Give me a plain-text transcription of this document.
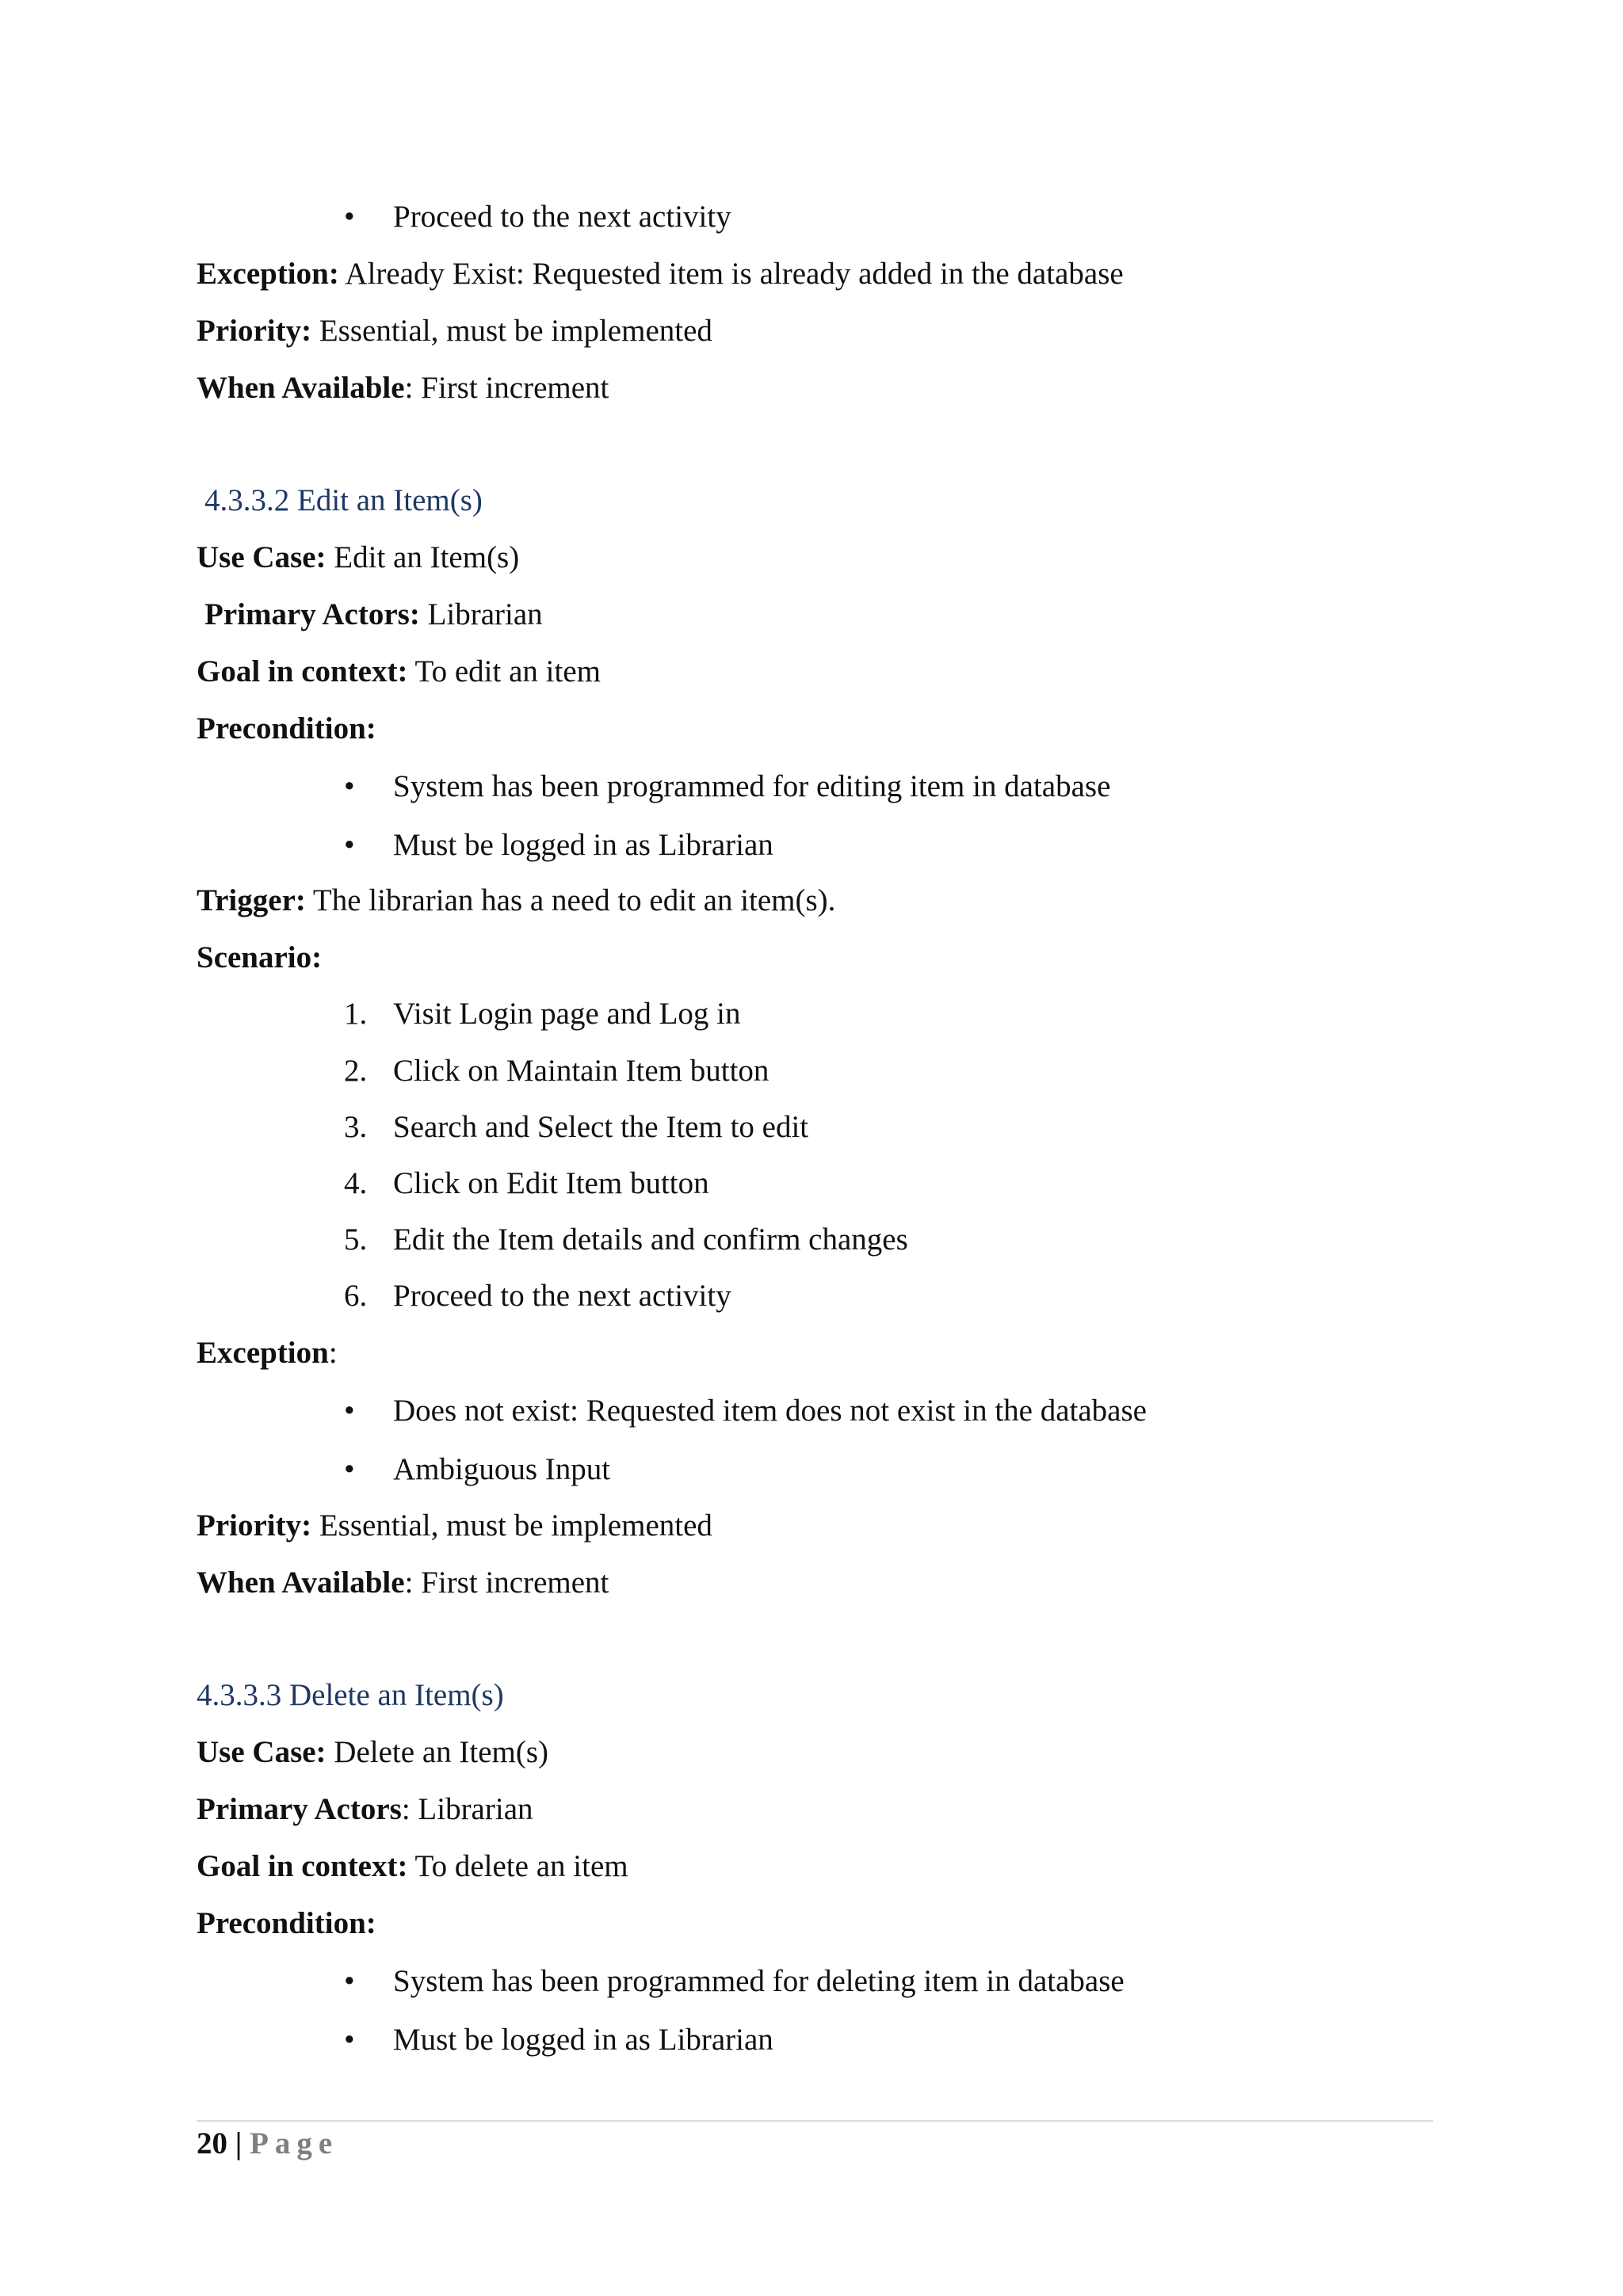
•	Proceed to the next activity
Exception: Already Exist: Requested item is already added in the database
Priority: Essential, must be implemented
When Available: First increment
4.3.3.2 Edit an Item(s)
Use Case: Edit an Item(s)
Primary Actors: Librarian
Goal in context: To edit an item
Precondition:
•	System has been programmed for editing item in database
•	Must be logged in as Librarian
Trigger: The librarian has a need to edit an item(s).
Scenario:
1. Visit Login page and Log in
2. Click on Maintain Item button
3. Search and Select the Item to edit
4. Click on Edit Item button
5. Edit the Item details and confirm changes
6. Proceed to the next activity
Exception:
•	Does not exist: Requested item does not exist in the database
•	Ambiguous Input
Priority: Essential, must be implemented
When Available: First increment
4.3.3.3 Delete an Item(s)
Use Case: Delete an Item(s)
Primary Actors: Librarian
Goal in context: To delete an item
Precondition:
•	System has been programmed for deleting item in database
•	Must be logged in as Librarian
20 | Page
